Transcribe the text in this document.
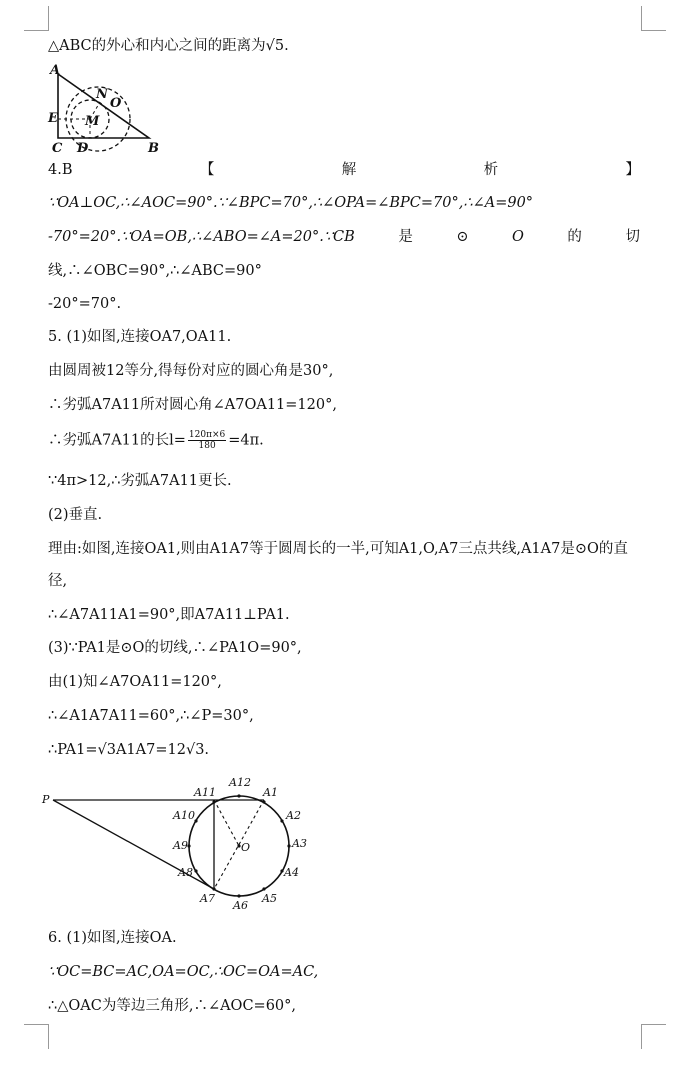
△ABC的外心和内心之间的距离为√5.
A
N
O
E M
C D	B
4.B	【	解	析	】
∵OA⊥OC,∴∠AOC=90°.∵∠BPC=70°,∴∠OPA=∠BPC=70°,∴∠A=90°
-70°=20°.∵OA=OB,∴∠ABO=∠A=20°.∵CB	是	⊙	O	的	切
线,∴∠OBC=90°,∴∠ABC=90°
-20°=70°.
5. (1)如图,连接OA7,OA11.
由圆周被12等分,得每份对应的圆心角是30°,
∴劣弧A7A11所对圆心角∠A7OA11=120°,
∴劣弧A7A11的长$l= \frac{120\pi\times 6}{180} =4\pi$.
∵4π>12,∴劣弧A7A11更长.
(2)垂直.
理由:如图,连接OA1,则由A1A7等于圆周长的一半,可知A1,O,A7三点共线,A1A7是⊙O的直
径,
∴∠A7A11A1=90°,即A7A11⊥PA1.
(3)∵PA1是⊙O的切线,∴∠PA1O=90°,
由(1)知∠A7OA11=120°,
∴∠A1A7A11=60°,∴∠P=30°,
∴PA1=√3A1A7=12√3.
P
A12
A11	A1
A10	A2
A3
O
A9
A4
A8
A5
A7
A6
6. (1)如图,连接OA.
∵OC=BC=AC,OA=OC,∴OC=OA=AC,
∴△OAC为等边三角形,∴∠AOC=60°,
